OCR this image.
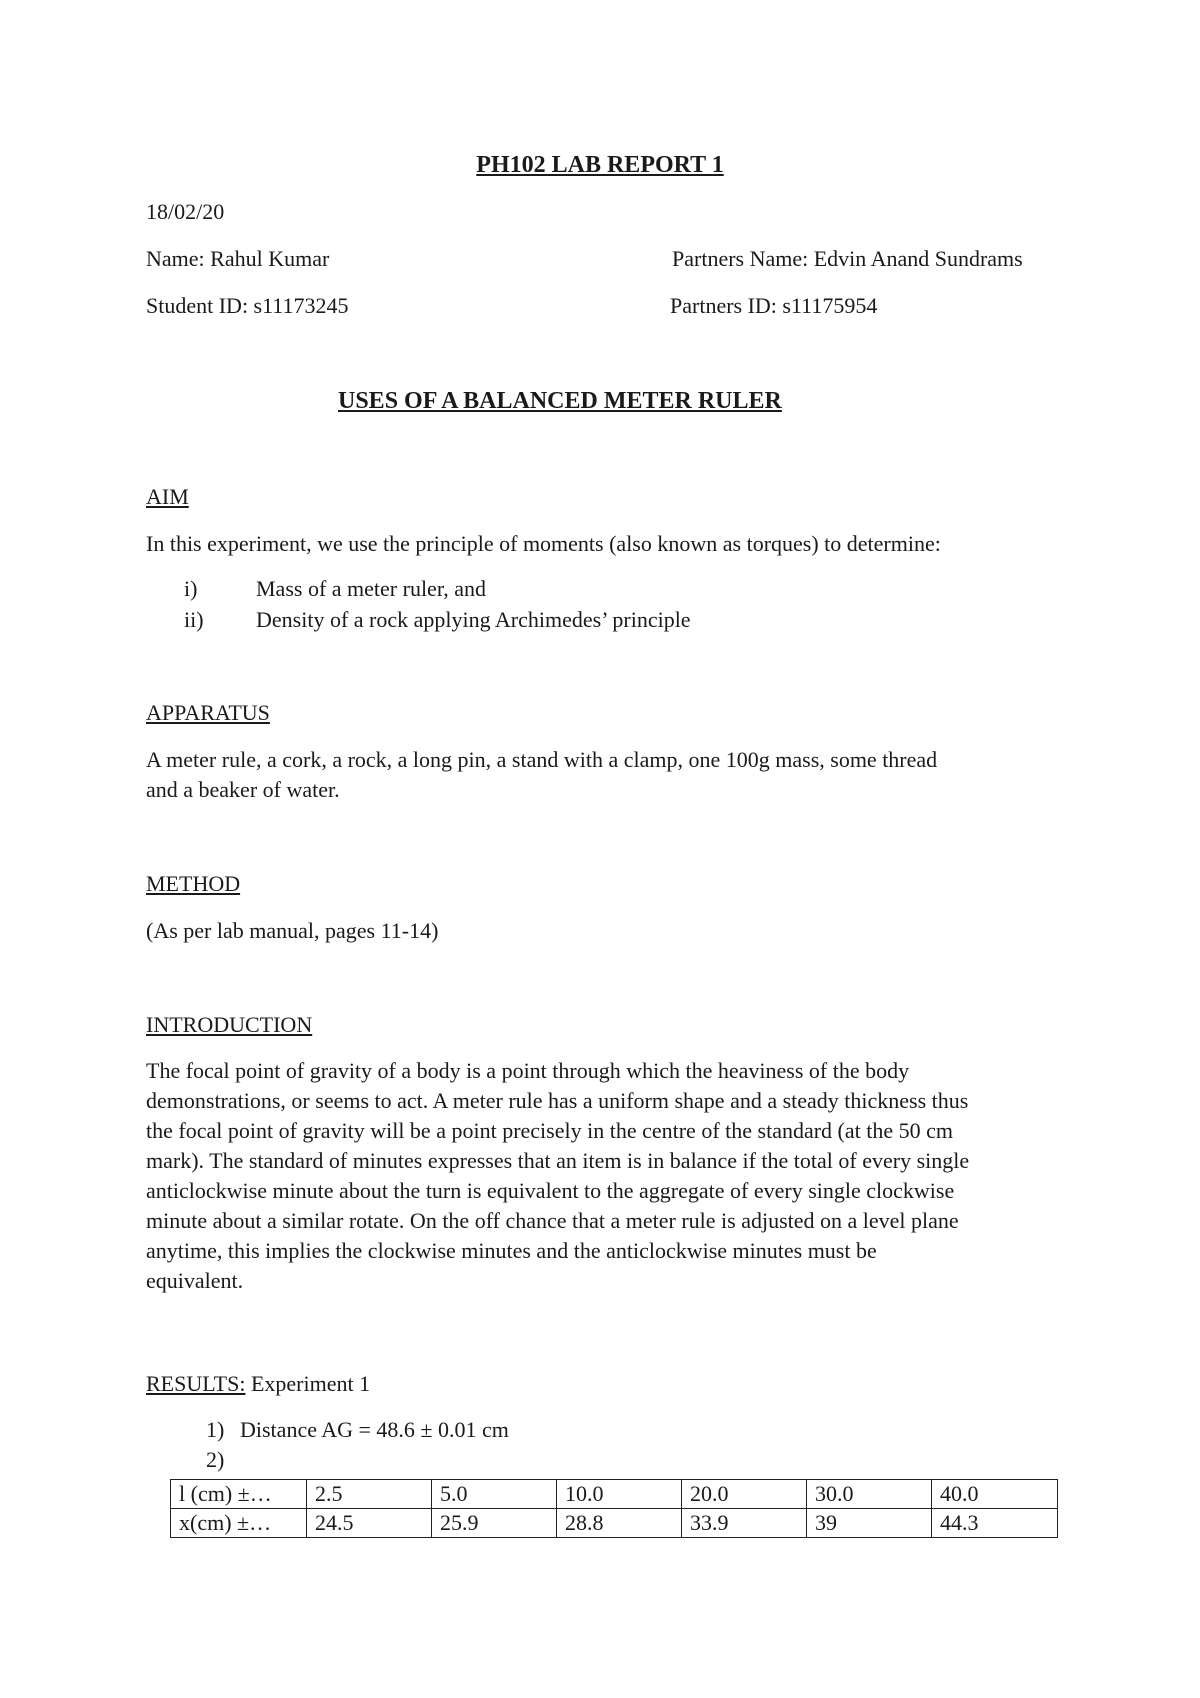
PH102 LAB REPORT 1
18/02/20
Name: Rahul Kumar	Partners Name: Edvin Anand Sundrams
Student ID: s11173245	Partners ID: s11175954
USES OF A BALANCED METER RULER
AIM
In this experiment, we use the principle of moments (also known as torques) to determine:
i)	Mass of a meter ruler, and
ii) Density of a rock applying Archimedes’ principle
APPARATUS
A meter rule, a cork, a rock, a long pin, a stand with a clamp, one 100g mass, some thread
and a beaker of water.
METHOD
(As per lab manual, pages 11-14)
INTRODUCTION
The focal point of gravity of a body is a point through which the heaviness of the body
demonstrations, or seems to act. A meter rule has a uniform shape and a steady thickness thus
the focal point of gravity will be a point precisely in the centre of the standard (at the 50 cm
mark). The standard of minutes expresses that an item is in balance if the total of every single
anticlockwise minute about the turn is equivalent to the aggregate of every single clockwise
minute about a similar rotate. On the off chance that a meter rule is adjusted on a level plane
anytime, this implies the clockwise minutes and the anticlockwise minutes must be
equivalent.
RESULTS: Experiment 1
1) Distance AG = 48.6 ± 0.01 cm
2)
l (cm) ±…	2.5	5.0	10.0	20.0	30.0	40.0
x(cm) ±…	24.5	25.9	28.8	33.9	39	44.3
